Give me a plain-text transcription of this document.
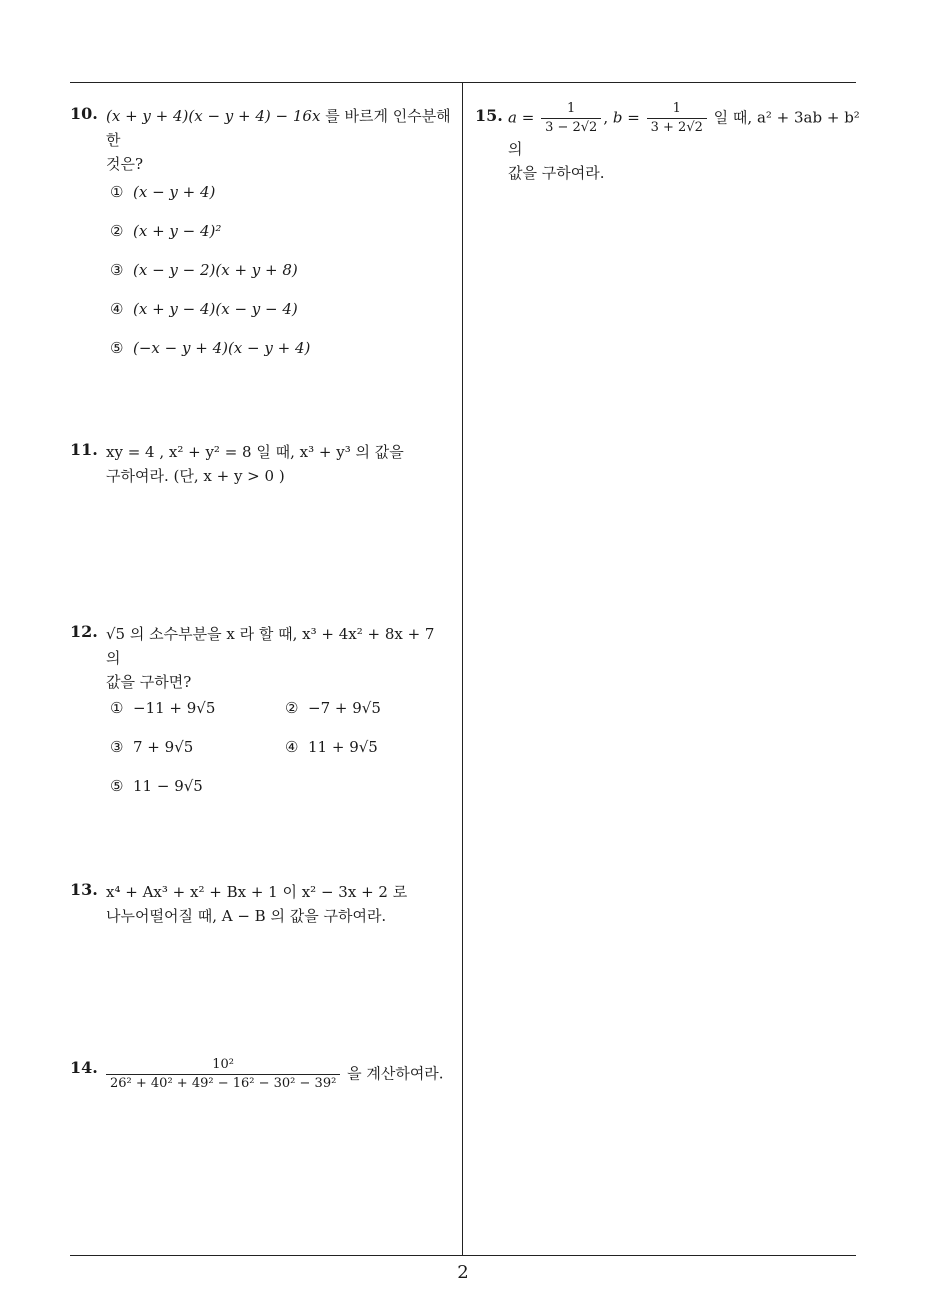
10. (x + y + 4)(x − y + 4) − 16x 를 바르게 인수분해한
것은?
① (x − y + 4)
② (x + y − 4)²
③ (x − y − 2)(x + y + 8)
④ (x + y − 4)(x − y − 4)
⑤ (−x − y + 4)(x − y + 4)
11. xy = 4 , x² + y² = 8 일 때, x³ + y³ 의 값을
구하여라. (단, x + y > 0 )
12. √5 의 소수부분을 x 라 할 때, x³ + 4x² + 8x + 7 의
값을 구하면?
① −11 + 9√5	② −7 + 9√5
③ 7 + 9√5	④ 11 + 9√5
⑤ 11 − 9√5
13. x⁴ + Ax³ + x² + Bx + 1 이 x² − 3x + 2 로
나누어떨어질 때, A − B 의 값을 구하여라.
14. $\frac{\text{10²}}{\text{26² + 40² + 49² − 16² − 30² − 39²}}$ 을 계산하여라.
15. $a = \frac{1}{3 - 2√2}$ , $b = \frac{1}{3 + 2√2}$ 일 때, a² + 3ab + b² 의
값을 구하여라.
2
